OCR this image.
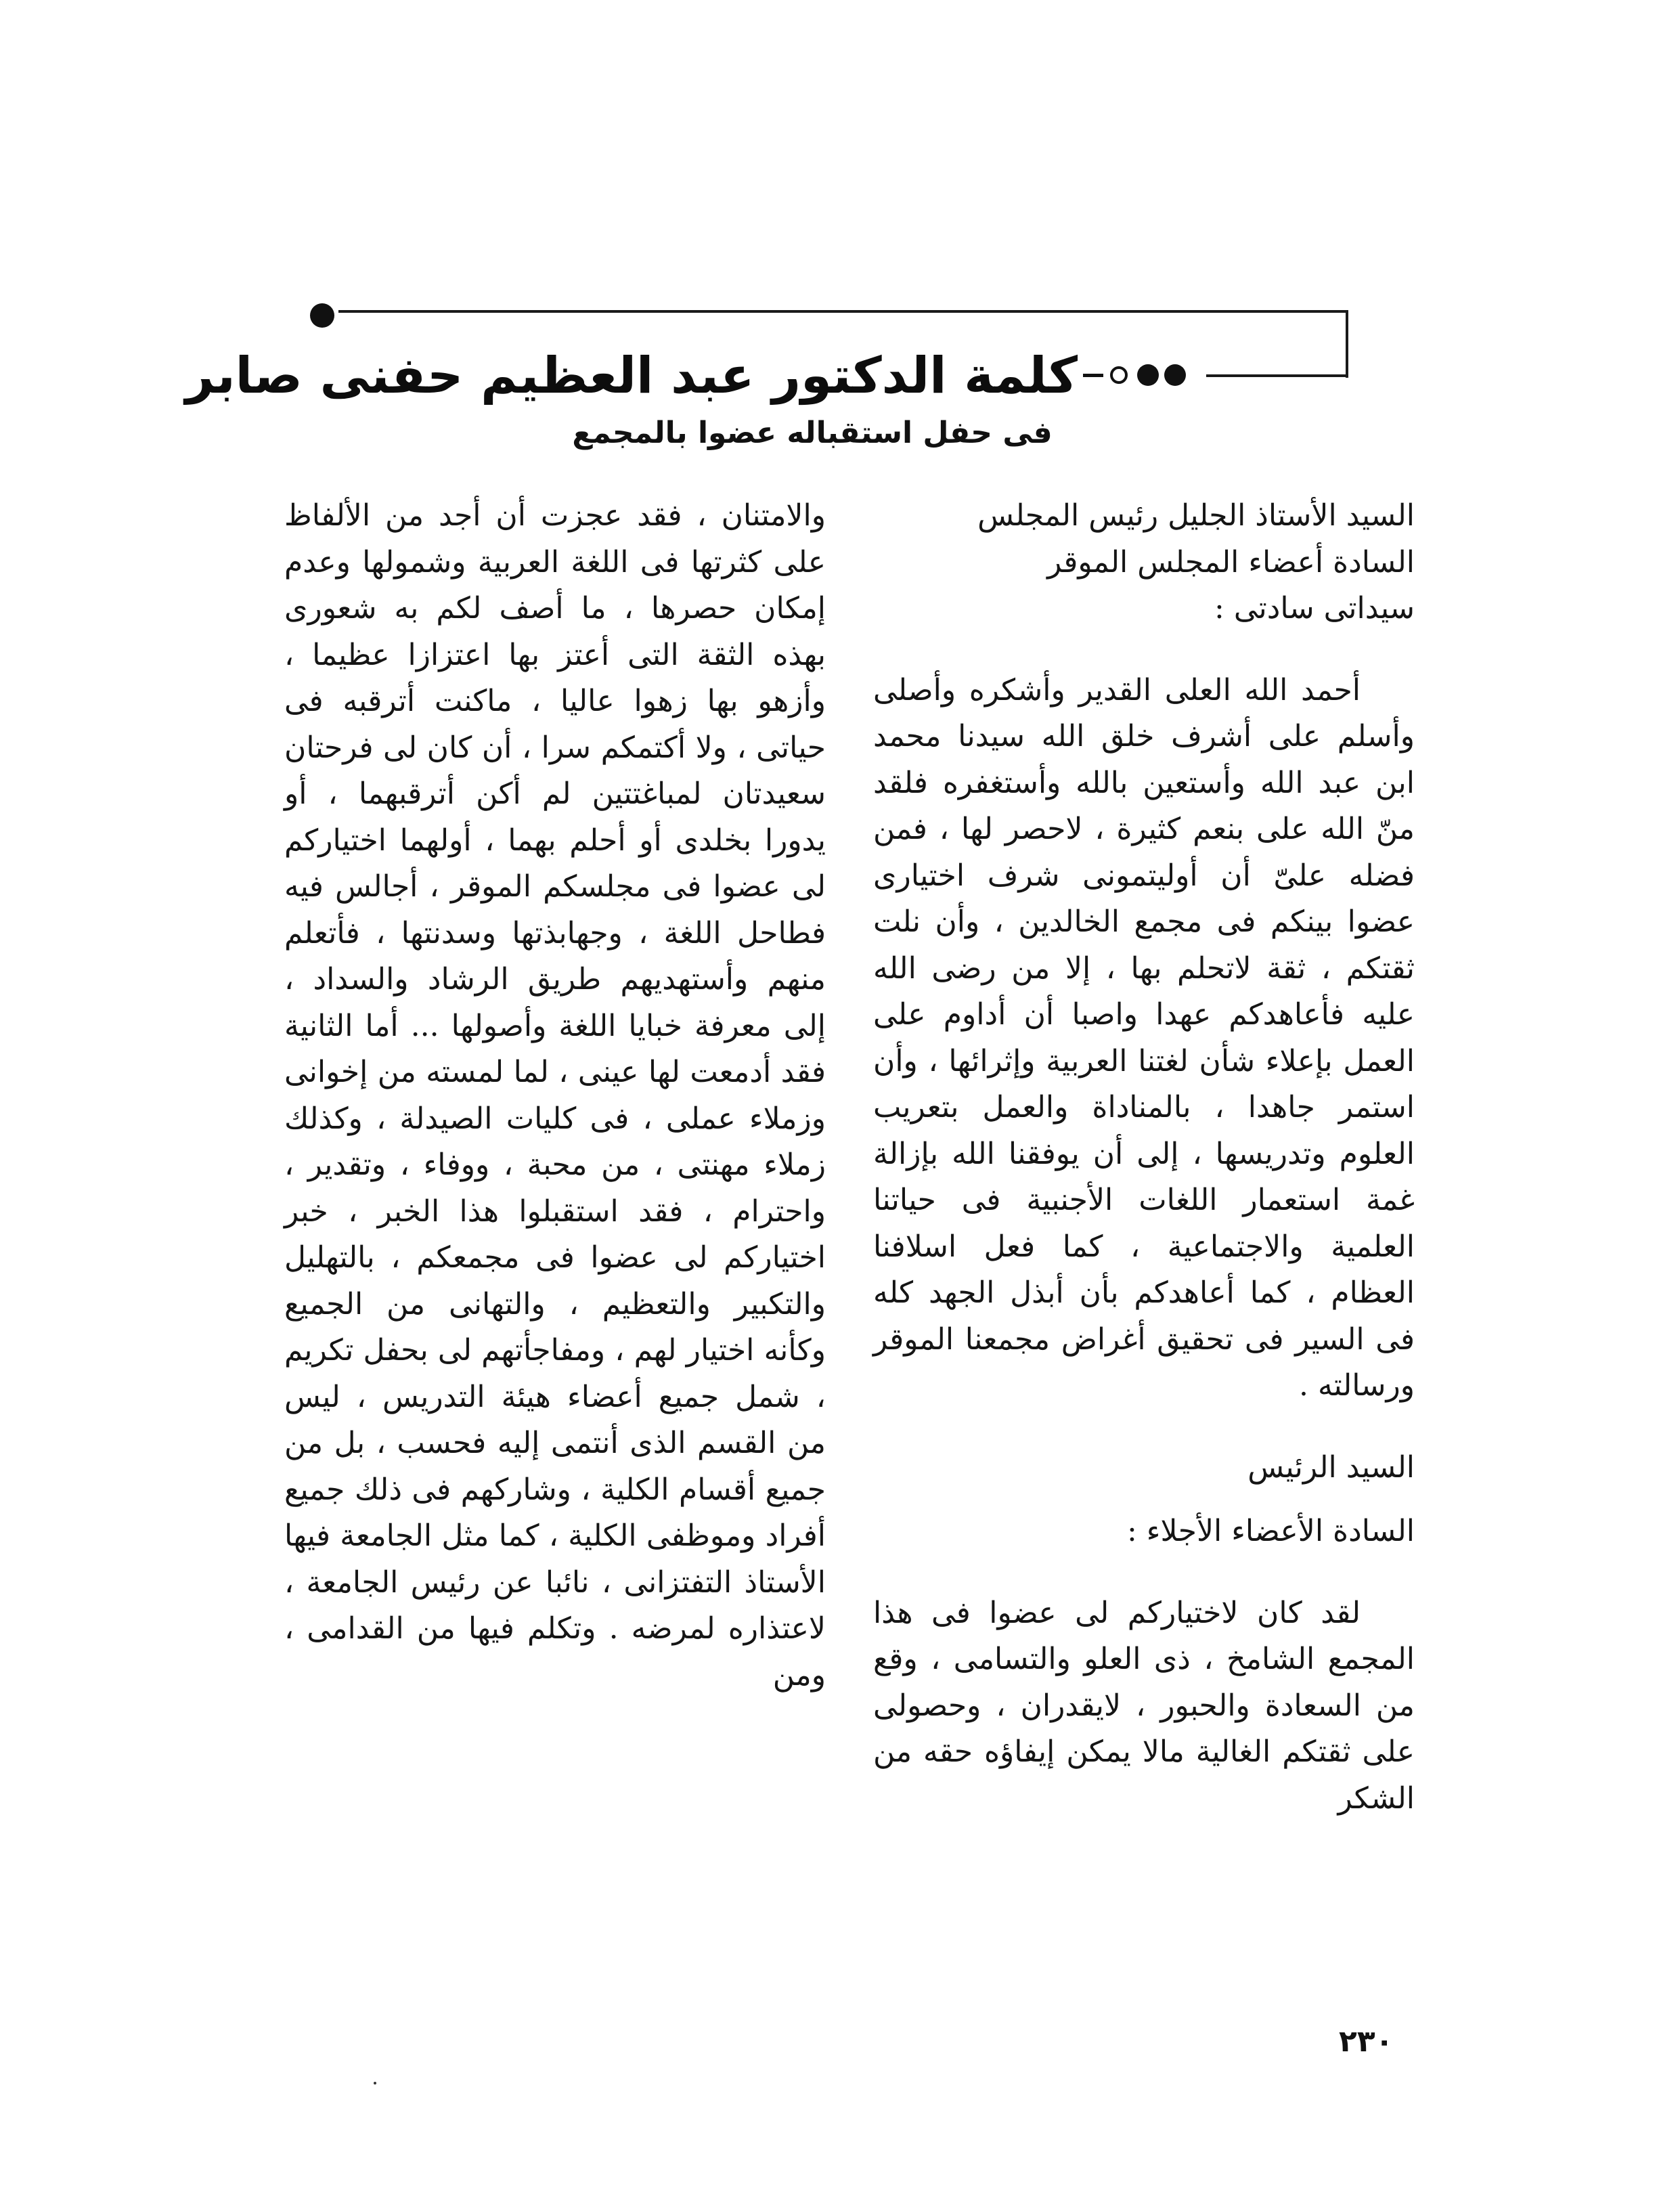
كلمة الدكتور عبد العظيم حفنى صابر
فى حفل استقباله عضوا بالمجمع

السيد الأستاذ الجليل رئيس المجلس

السادة أعضاء المجلس الموقر

سيداتى سادتى :

أحمد الله العلى القدير وأشكره وأصلى وأسلم على أشرف خلق الله سيدنا محمد ابن عبد الله وأستعين بالله وأستغفره فلقد منّ الله على بنعم كثيرة ، لاحصر لها ، فمن فضله علىّ أن أوليتمونى شرف اختيارى عضوا بينكم فى مجمع الخالدين ، وأن نلت ثقتكم ، ثقة لاتحلم بها ، إلا من رضى الله عليه فأعاهدكم عهدا واصبا أن أداوم على العمل بإعلاء شأن لغتنا العربية وإثرائها ، وأن استمر جاهدا ، بالمناداة والعمل بتعريب العلوم وتدريسها ، إلى أن يوفقنا الله بإزالة غمة استعمار اللغات الأجنبية فى حياتنا العلمية والاجتماعية ، كما فعل اسلافنا العظام ، كما أعاهدكم بأن أبذل الجهد كله فى السير فى تحقيق أغراض مجمعنا الموقر ورسالته .

السيد الرئيس

السادة الأعضاء الأجلاء :

لقد كان لاختياركم لى عضوا فى هذا المجمع الشامخ ، ذى العلو والتسامى ، وقع من السعادة والحبور ، لايقدران ، وحصولى على ثقتكم الغالية مالا يمكن إيفاؤه حقه من الشكر

والامتنان ، فقد عجزت أن أجد من الألفاظ على كثرتها فى اللغة العربية وشمولها وعدم إمكان حصرها ، ما أصف لكم به شعورى بهذه الثقة التى أعتز بها اعتزازا عظيما ، وأزهو بها زهوا عاليا ، ماكنت أترقبه فى حياتى ، ولا أكتمكم سرا ، أن كان لى فرحتان سعيدتان لمباغتتين لم أكن أترقبهما ، أو يدورا بخلدى أو أحلم بهما ، أولهما اختياركم لى عضوا فى مجلسكم الموقر ، أجالس فيه فطاحل اللغة ، وجهابذتها وسدنتها ، فأتعلم منهم وأستهديهم طريق الرشاد والسداد ، إلى معرفة خبايا اللغة وأصولها ... أما الثانية فقد أدمعت لها عينى ، لما لمسته من إخوانى وزملاء عملى ، فى كليات الصيدلة ، وكذلك زملاء مهنتى ، من محبة ، ووفاء ، وتقدير ، واحترام ، فقد استقبلوا هذا الخبر ، خبر اختياركم لى عضوا فى مجمعكم ، بالتهليل والتكبير والتعظيم ، والتهانى من الجميع وكأنه اختيار لهم ، ومفاجأتهم لى بحفل تكريم ، شمل جميع أعضاء هيئة التدريس ، ليس من القسم الذى أنتمى إليه فحسب ، بل من جميع أقسام الكلية ، وشاركهم فى ذلك جميع أفراد وموظفى الكلية ، كما مثل الجامعة فيها الأستاذ التفتزانى ، نائبا عن رئيس الجامعة ، لاعتذاره لمرضه . وتكلم فيها من القدامى ، ومن

٢٣٠
